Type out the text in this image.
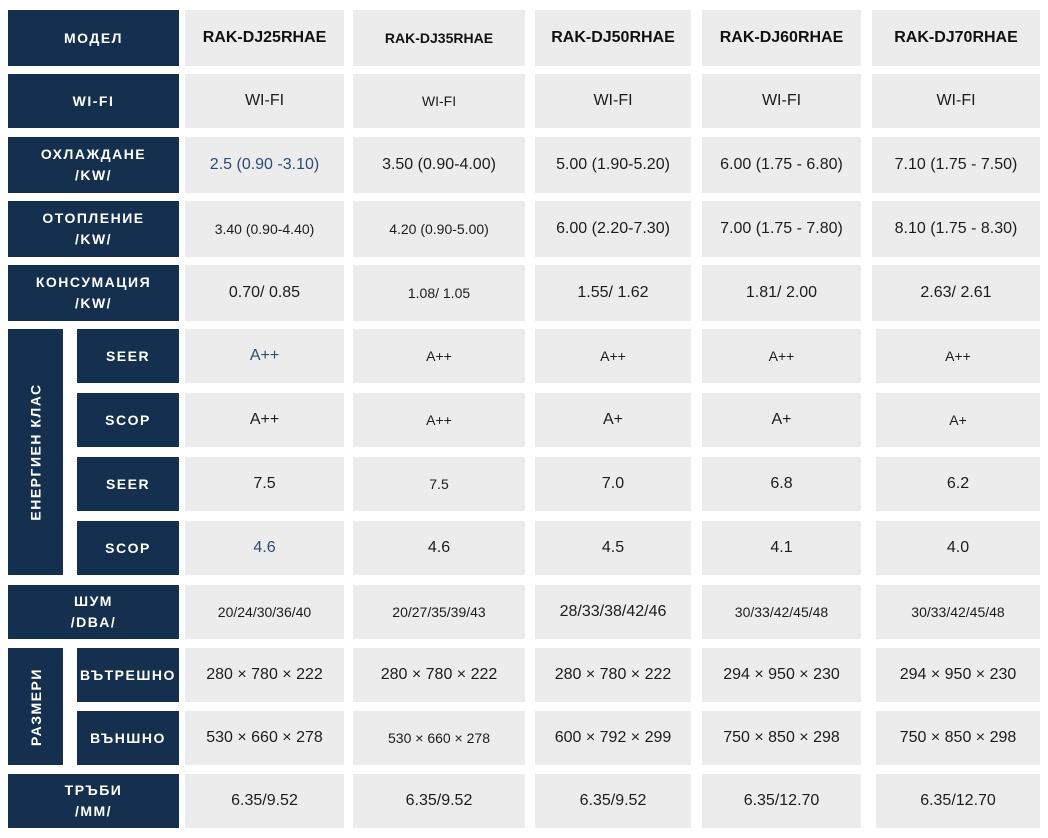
МОДЕЛ	RAK-DJ25RHAE	RAK-DJ35RHAE	RAK-DJ50RHAE	RAK-DJ60RHAE	RAK-DJ70RHAE
WI-FI	WI-FI	WI-FI	WI-FI	WI-FI	WI-FI
ОХЛАЖДАНЕ
/KW/
2.5 (0.90 -3.10)	3.50 (0.90-4.00)	5.00 (1.90-5.20)	6.00 (1.75 - 6.80)	7.10 (1.75 - 7.50)
ОТОПЛЕНИЕ
/KW/
3.40 (0.90-4.40)	4.20 (0.90-5.00)	6.00 (2.20-7.30)	7.00 (1.75 - 7.80)	8.10 (1.75 - 8.30)
КОНСУМАЦИЯ
/KW/
0.70/ 0.85	1.08/ 1.05	1.55/ 1.62	1.81/ 2.00	2.63/ 2.61
ЕНЕРГИЕН КЛАС
SEER	A++	A++	A++	A++	A++
SCOP	A++	A++	A+	A+	A+
SEER	7.5	7.5	7.0	6.8	6.2
SCOP	4.6	4.6	4.5	4.1	4.0
ШУМ
/DBA/
20/24/30/36/40	20/27/35/39/43	28/33/38/42/46	30/33/42/45/48	30/33/42/45/48
РАЗМЕРИ	ВЪТРЕШНО	280 × 780 × 222	280 × 780 × 222	280 × 780 × 222	294 × 950 × 230	294 × 950 × 230
ВЪНШНО	530 × 660 × 278	530 × 660 × 278	600 × 792 × 299	750 × 850 × 298	750 × 850 × 298
ТРЪБИ
/MM/
6.35/9.52	6.35/9.52	6.35/9.52	6.35/12.70	6.35/12.70
